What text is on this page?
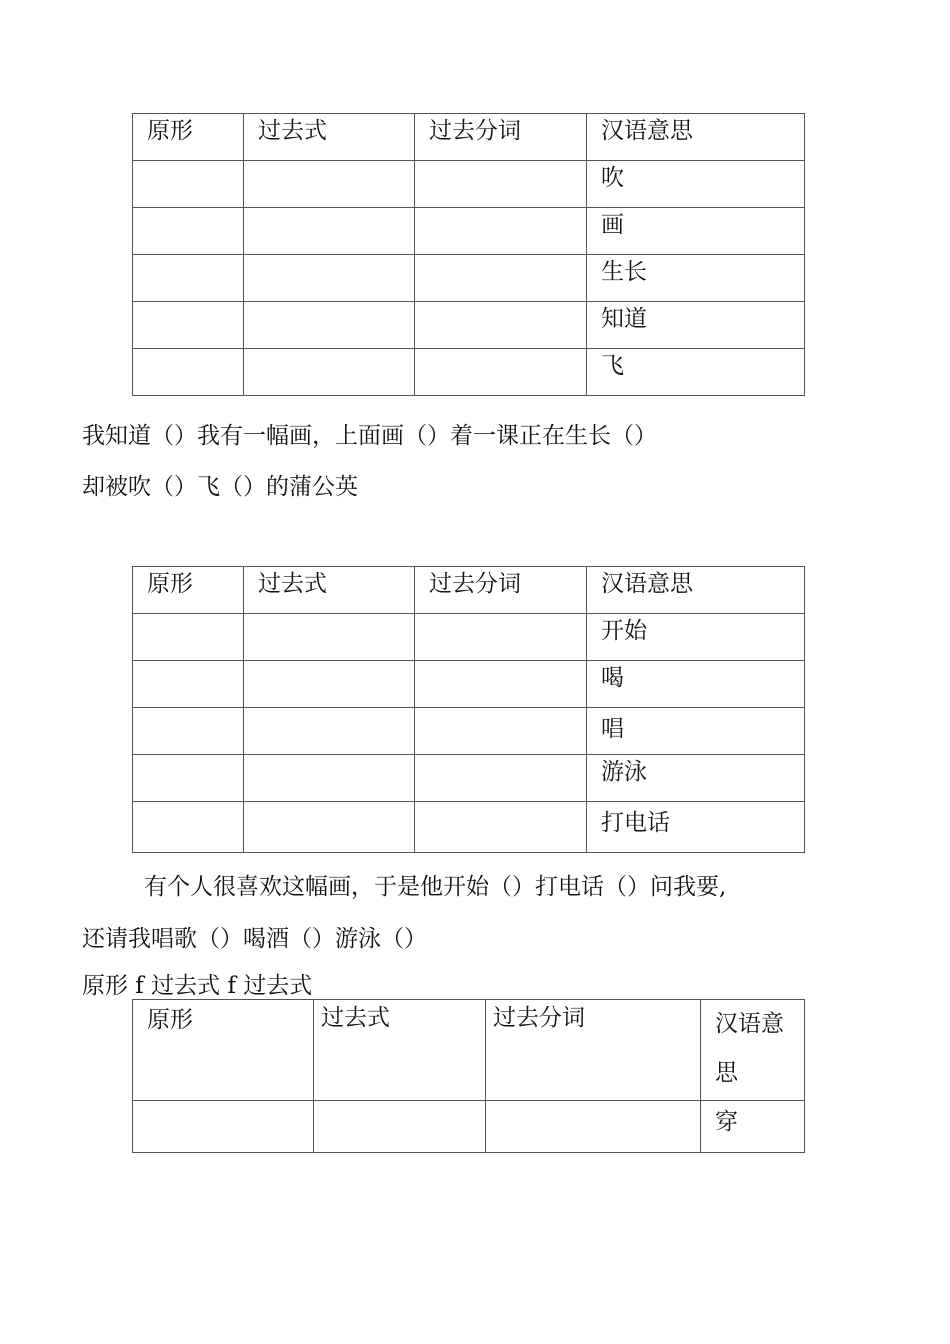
原形	过去式	过去分词	汉语意思
			吹
			画
			生长
			知道
			飞
我知道（）我有一幅画，上面画（）着一课正在生长（）
却被吹（）飞（）的蒲公英
原形	过去式	过去分词	汉语意思
			开始
			喝
			唱
			游泳
			打电话
有个人很喜欢这幅画，于是他开始（）打电话（）问我要,
还请我唱歌（）喝酒（）游泳（）
原形 f 过去式 f 过去式
原形	过去式	过去分词	汉语意
思
			穿
